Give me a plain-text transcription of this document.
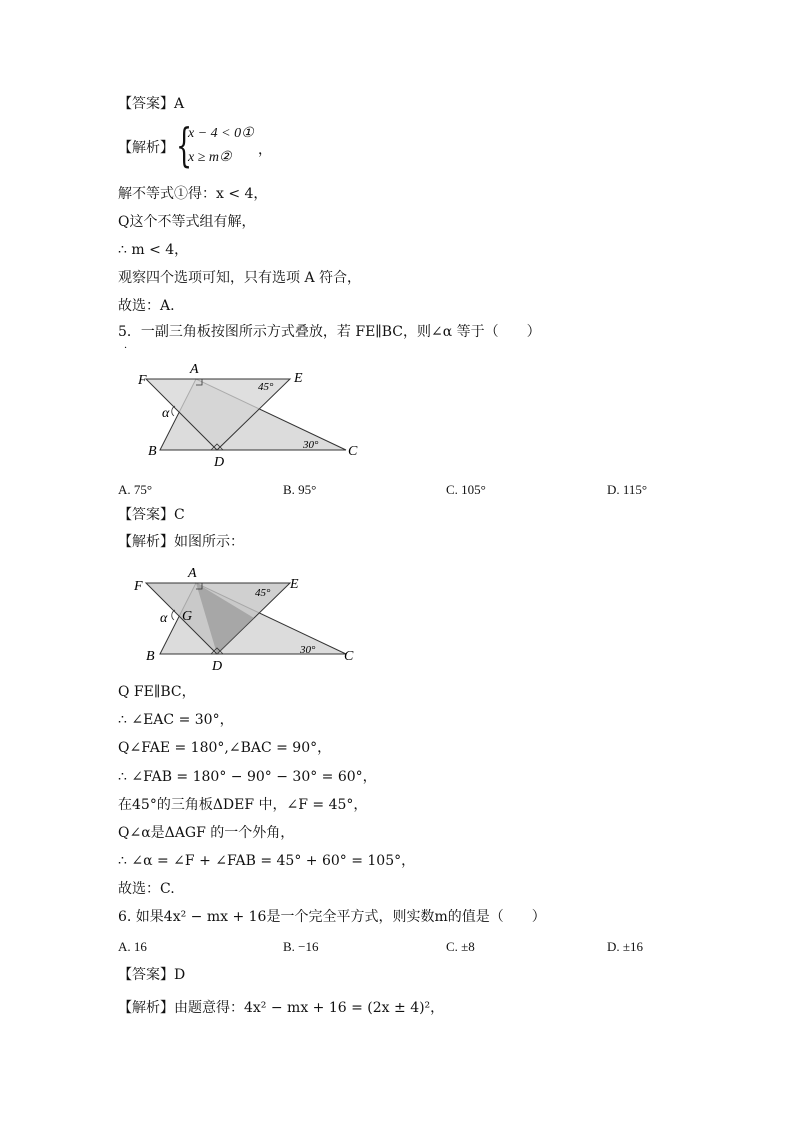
【答案】A
【解析】 {
x − 4 < 0①
x ≥ m② ，
解不等式①得：x < 4，
Q这个不等式组有解，
∴ m < 4，
观察四个选项可知，只有选项 A 符合，
故选：A.
5．一副三角板按图所示方式叠放，若 FE∥BC，则∠α 等于（　　）
．
F
A
E
B
D
C
α
45°
30°
A. 75°	B. 95°	C. 105°	D. 115°
【答案】C
【解析】如图所示：
F
A
E
B
D
C
α G
45°
30°
Q FE∥BC，
∴ ∠EAC = 30°，
Q∠FAE = 180°,∠BAC = 90°，
∴ ∠FAB = 180° − 90° − 30° = 60°，
在45°的三角板ΔDEF 中，∠F = 45°，
Q∠α是ΔAGF 的一个外角，
∴ ∠α = ∠F + ∠FAB = 45° + 60° = 105°，
故选：C.
6. 如果4x² − mx + 16是一个完全平方式，则实数m的值是（　　）
A. 16	B. −16	C. ±8	D. ±16
【答案】D
【解析】由题意得：4x² − mx + 16 = (2x ± 4)²，
